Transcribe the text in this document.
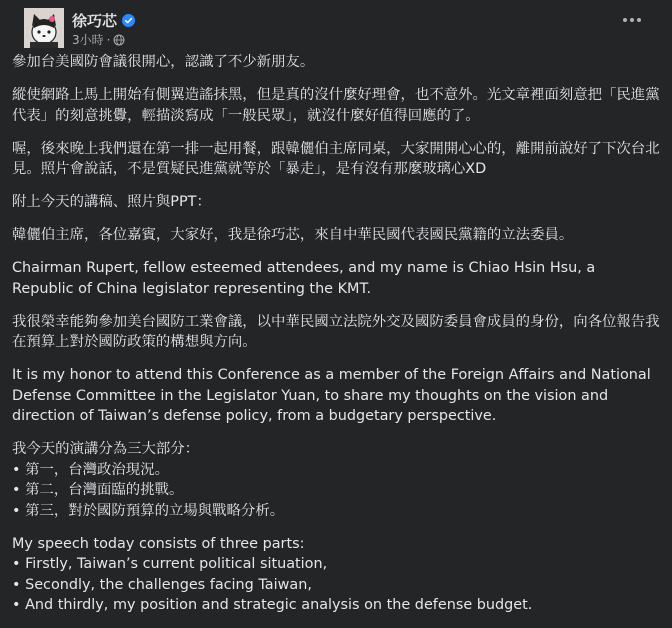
徐巧芯
3小時 ·

參加台美國防會議很開心，認識了不少新朋友。

縱使網路上馬上開始有側翼造謠抹黑，但是真的沒什麼好理會，也不意外。光文章裡面刻意把「民進黨代表」的刻意挑釁，輕描淡寫成「一般民眾」，就沒什麼好值得回應的了。

喔，後來晚上我們還在第一排一起用餐，跟韓儷伯主席同桌，大家開開心心的，離開前說好了下次台北見。照片會說話，不是質疑民進黨就等於「暴走」，是有沒有那麼玻璃心XD

附上今天的講稿、照片與PPT：

韓儷伯主席，各位嘉賓，大家好，我是徐巧芯，來自中華民國代表國民黨籍的立法委員。

Chairman Rupert, fellow esteemed attendees, and my name is Chiao Hsin Hsu, a Republic of China legislator representing the KMT.

我很榮幸能夠參加美台國防工業會議，以中華民國立法院外交及國防委員會成員的身份，向各位報告我在預算上對於國防政策的構想與方向。

It is my honor to attend this Conference as a member of the Foreign Affairs and National Defense Committee in the Legislator Yuan, to share my thoughts on the vision and direction of Taiwan’s defense policy, from a budgetary perspective.

我今天的演講分為三大部分：
• 第一，台灣政治現況。
• 第二，台灣面臨的挑戰。
• 第三，對於國防預算的立場與戰略分析。

My speech today consists of three parts:
• Firstly, Taiwan’s current political situation,
• Secondly, the challenges facing Taiwan,
• And thirdly, my position and strategic analysis on the defense budget.
